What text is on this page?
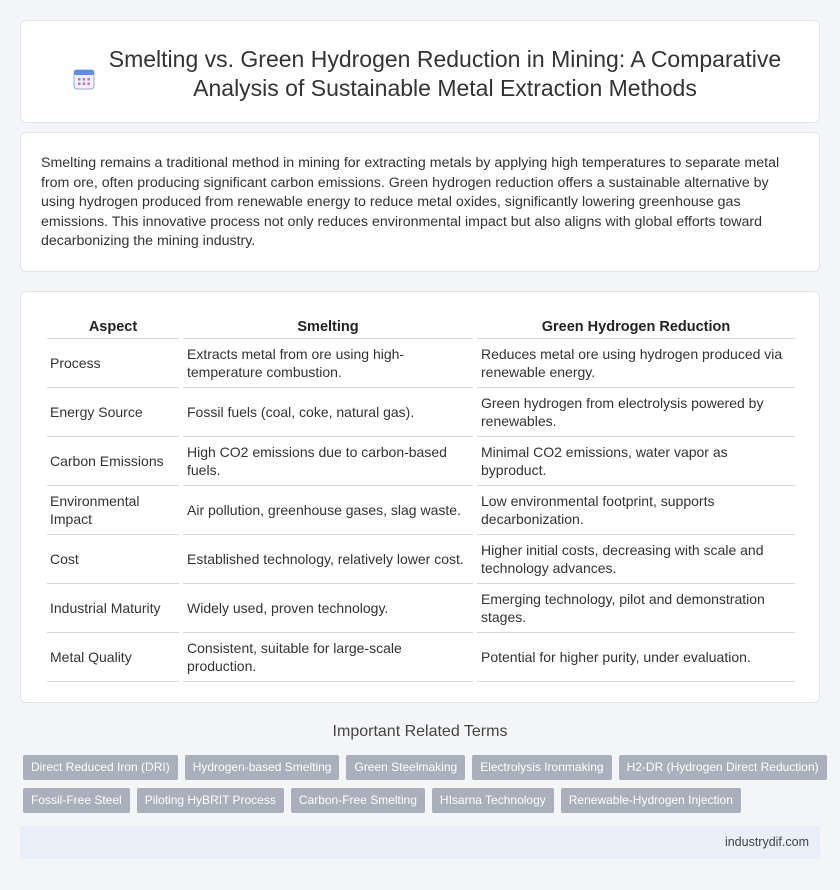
Smelting vs. Green Hydrogen Reduction in Mining: A Comparative Analysis of Sustainable Metal Extraction Methods

Smelting remains a traditional method in mining for extracting metals by applying high temperatures to separate metal from ore, often producing significant carbon emissions. Green hydrogen reduction offers a sustainable alternative by using hydrogen produced from renewable energy to reduce metal oxides, significantly lowering greenhouse gas emissions. This innovative process not only reduces environmental impact but also aligns with global efforts toward decarbonizing the mining industry.

Aspect	Smelting	Green Hydrogen Reduction
Process	Extracts metal from ore using high-temperature combustion.	Reduces metal ore using hydrogen produced via renewable energy.
Energy Source	Fossil fuels (coal, coke, natural gas).	Green hydrogen from electrolysis powered by renewables.
Carbon Emissions	High CO2 emissions due to carbon-based fuels.	Minimal CO2 emissions, water vapor as byproduct.
Environmental Impact	Air pollution, greenhouse gases, slag waste.	Low environmental footprint, supports decarbonization.
Cost	Established technology, relatively lower cost.	Higher initial costs, decreasing with scale and technology advances.
Industrial Maturity	Widely used, proven technology.	Emerging technology, pilot and demonstration stages.
Metal Quality	Consistent, suitable for large-scale production.	Potential for higher purity, under evaluation.
Important Related Terms
Direct Reduced Iron (DRI)	Hydrogen-based Smelting	Green Steelmaking	Electrolysis Ironmaking	H2-DR (Hydrogen Direct Reduction)
Fossil-Free Steel	Piloting HyBRIT Process	Carbon-Free Smelting	HIsarna Technology	Renewable-Hydrogen Injection
industrydif.com
